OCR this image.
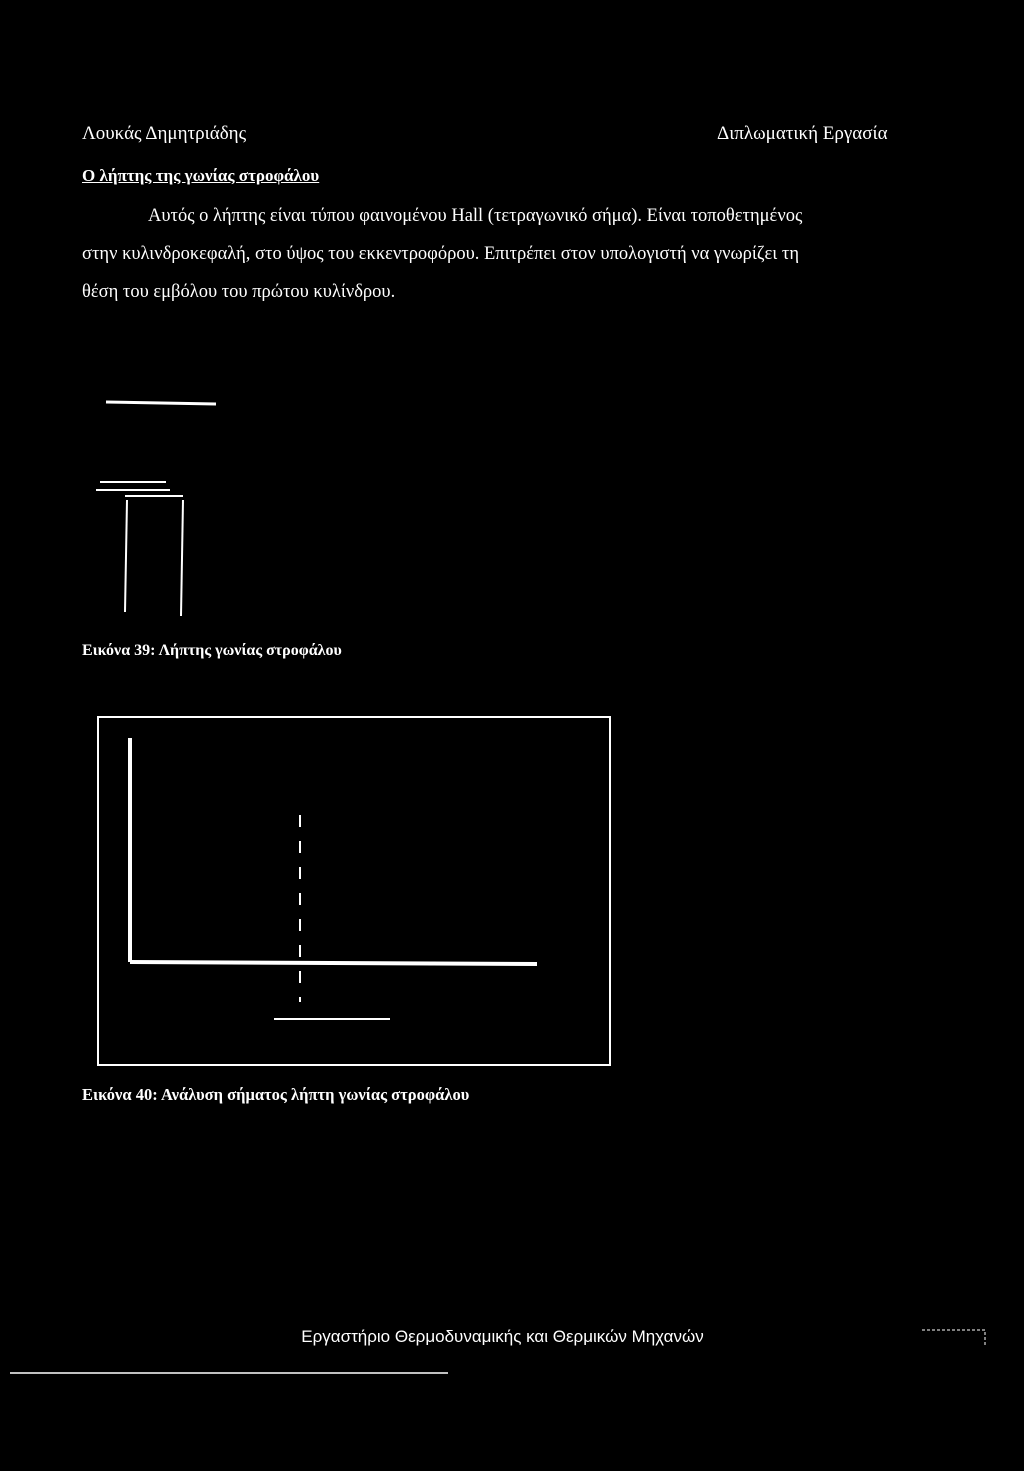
Λουκάς Δημητριάδης	Διπλωματική Εργασία
Ο λήπτης της γωνίας στροφάλου
Αυτός ο λήπτης είναι τύπου φαινομένου Hall (τετραγωνικό σήμα). Είναι τοποθετημένος
στην κυλινδροκεφαλή, στο ύψος του εκκεντροφόρου. Επιτρέπει στον υπολογιστή να γνωρίζει τη
θέση του εμβόλου του πρώτου κυλίνδρου.
Εικόνα 39: Λήπτης γωνίας στροφάλου
Εικόνα 40: Ανάλυση σήματος λήπτη γωνίας στροφάλου
Εργαστήριο Θερμοδυναμικής και Θερμικών Μηχανών
